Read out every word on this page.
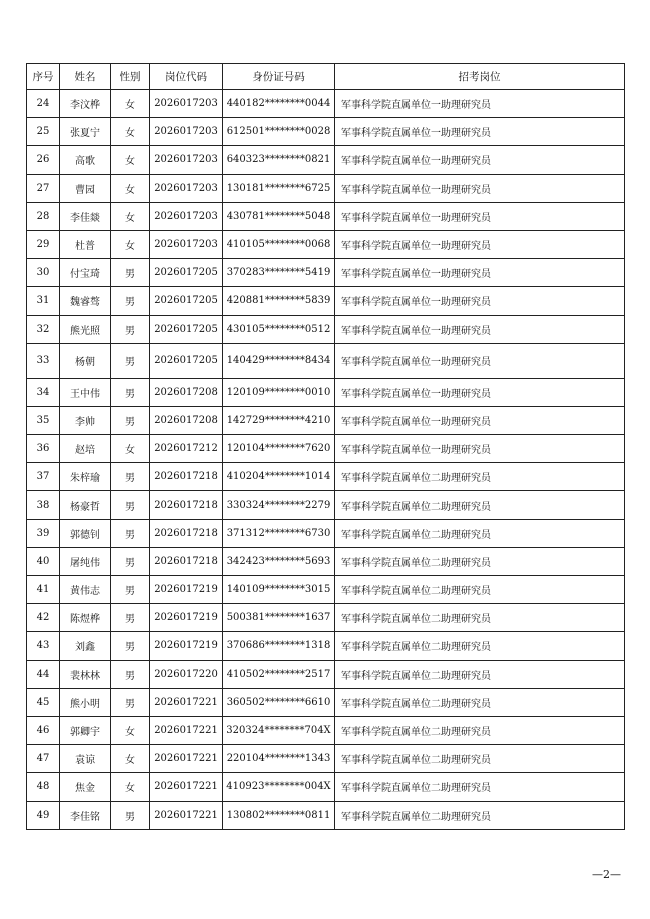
序号	姓名	性别	岗位代码	身份证号码	招考岗位
24	李汶桦	女	2026017203	440182********0044	军事科学院直属单位一助理研究员
25	张夏宁	女	2026017203	612501********0028	军事科学院直属单位一助理研究员
26	高歌	女	2026017203	640323********0821	军事科学院直属单位一助理研究员
27	曹园	女	2026017203	130181********6725	军事科学院直属单位一助理研究员
28	李佳燚	女	2026017203	430781********5048	军事科学院直属单位一助理研究员
29	杜普	女	2026017203	410105********0068	军事科学院直属单位一助理研究员
30	付宝琦	男	2026017205	370283********5419	军事科学院直属单位一助理研究员
31	魏睿骜	男	2026017205	420881********5839	军事科学院直属单位一助理研究员
32	熊光照	男	2026017205	430105********0512	军事科学院直属单位一助理研究员
33	杨朝	男	2026017205	140429********8434	军事科学院直属单位一助理研究员
34	王中伟	男	2026017208	120109********0010	军事科学院直属单位一助理研究员
35	李帅	男	2026017208	142729********4210	军事科学院直属单位一助理研究员
36	赵培	女	2026017212	120104********7620	军事科学院直属单位一助理研究员
37	朱梓瑜	男	2026017218	410204********1014	军事科学院直属单位二助理研究员
38	杨豪哲	男	2026017218	330324********2279	军事科学院直属单位二助理研究员
39	郭德钊	男	2026017218	371312********6730	军事科学院直属单位二助理研究员
40	屠纯伟	男	2026017218	342423********5693	军事科学院直属单位二助理研究员
41	黄伟志	男	2026017219	140109********3015	军事科学院直属单位二助理研究员
42	陈煜桦	男	2026017219	500381********1637	军事科学院直属单位二助理研究员
43	刘鑫	男	2026017219	370686********1318	军事科学院直属单位二助理研究员
44	裴林林	男	2026017220	410502********2517	军事科学院直属单位二助理研究员
45	熊小明	男	2026017221	360502********6610	军事科学院直属单位二助理研究员
46	郭卿宇	女	2026017221	320324********704X	军事科学院直属单位二助理研究员
47	袁谅	女	2026017221	220104********1343	军事科学院直属单位二助理研究员
48	焦金	女	2026017221	410923********004X	军事科学院直属单位二助理研究员
49	李佳铭	男	2026017221	130802********0811	军事科学院直属单位二助理研究员
—2—
